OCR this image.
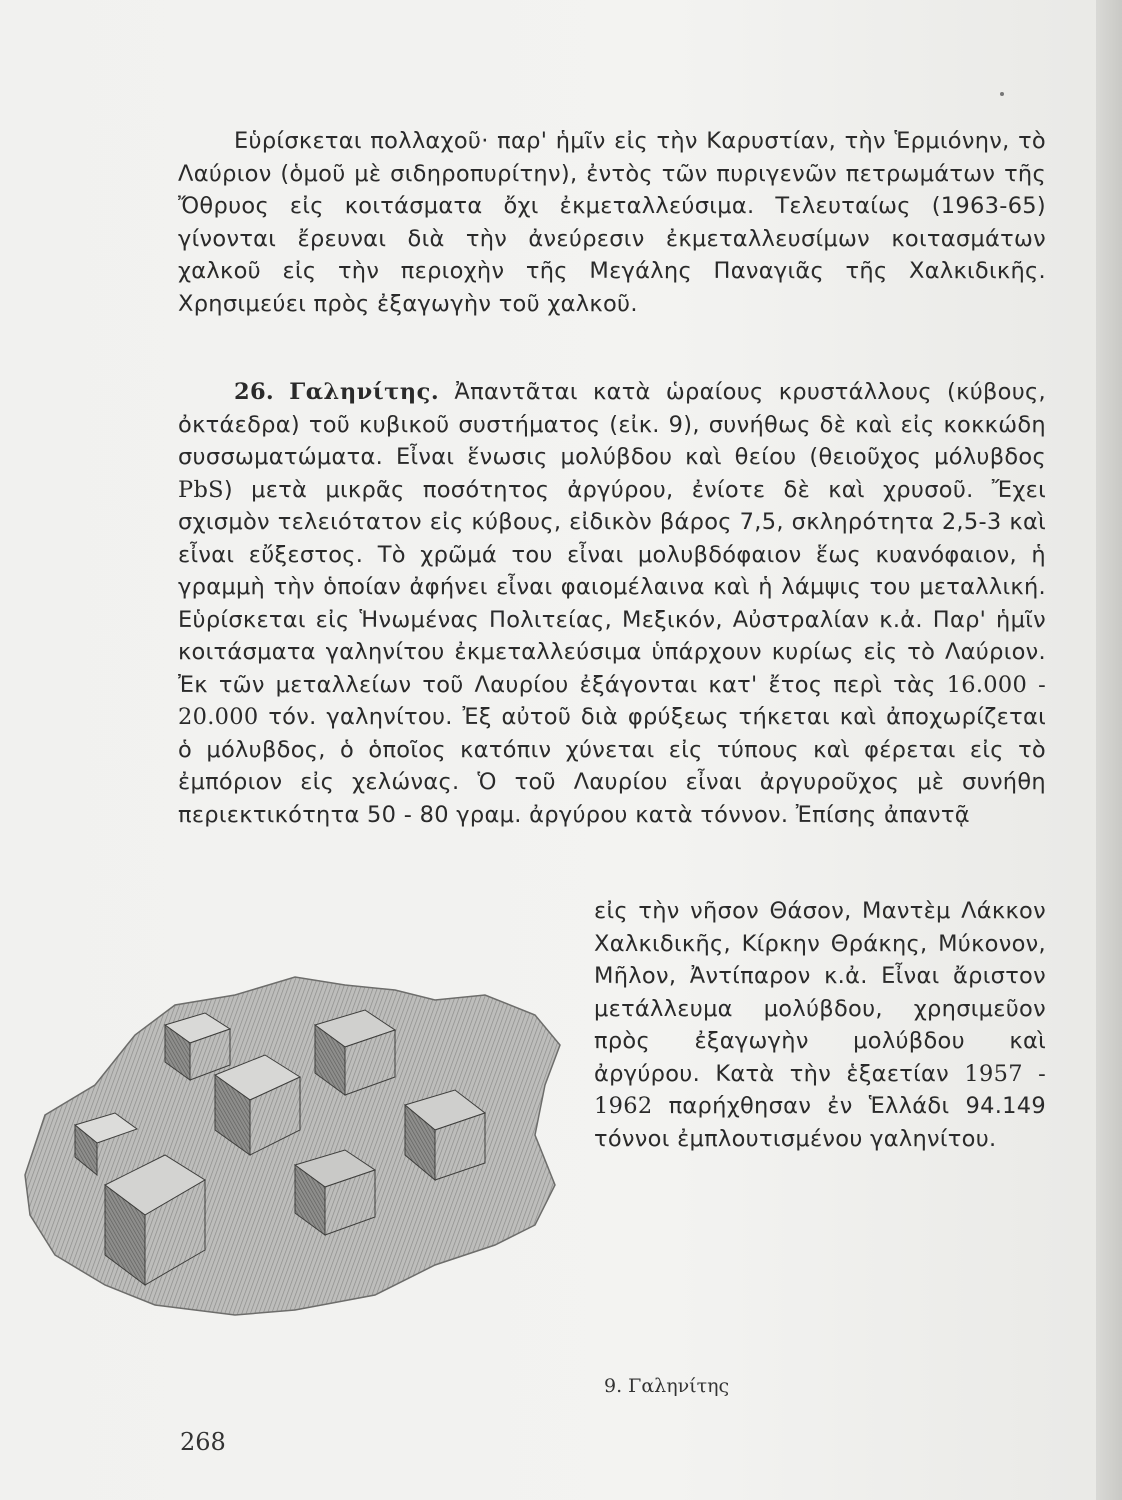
Εὑρίσκεται πολλαχοῦ· παρ' ἡμῖν εἰς τὴν Καρυστίαν, τὴν Ἑρμιόνην, τὸ Λαύριον (ὁμοῦ μὲ σιδηροπυρίτην), ἐντὸς τῶν πυριγενῶν πετρωμάτων τῆς Ὄθρυος εἰς κοιτάσματα ὄχι ἐκμεταλλεύσιμα. Τελευταίως (1963-65) γίνονται ἔρευναι διὰ τὴν ἀνεύρεσιν ἐκμεταλλευσίμων κοιτασμάτων χαλκοῦ εἰς τὴν περιοχὴν τῆς Μεγάλης Παναγιᾶς τῆς Χαλκιδικῆς. Χρησιμεύει πρὸς ἐξαγωγὴν τοῦ χαλκοῦ.
26. Γαληνίτης. Ἀπαντᾶται κατὰ ὡραίους κρυστάλλους (κύβους, ὀκτάεδρα) τοῦ κυβικοῦ συστήματος (εἰκ. 9), συνήθως δὲ καὶ εἰς κοκκώδη συσσωματώματα. Εἶναι ἕνωσις μολύβδου καὶ θείου (θειοῦχος μόλυβδος PbS) μετὰ μικρᾶς ποσότητος ἀργύρου, ἐνίοτε δὲ καὶ χρυσοῦ. Ἔχει σχισμὸν τελειότατον εἰς κύβους, εἰδικὸν βάρος 7,5, σκληρότητα 2,5-3 καὶ εἶναι εὔξεστος. Τὸ χρῶμά του εἶναι μολυβδόφαιον ἕως κυανόφαιον, ἡ γραμμὴ τὴν ὁποίαν ἀφήνει εἶναι φαιομέλαινα καὶ ἡ λάμψις του μεταλλική. Εὑρίσκεται εἰς Ἡνωμένας Πολιτείας, Μεξικόν, Αὐστραλίαν κ.ἀ. Παρ' ἡμῖν κοιτάσματα γαληνίτου ἐκμεταλλεύσιμα ὑπάρχουν κυρίως εἰς τὸ Λαύριον. Ἐκ τῶν μεταλλείων τοῦ Λαυρίου ἐξάγονται κατ' ἔτος περὶ τὰς 16.000 - 20.000 τόν. γαληνίτου. Ἐξ αὐτοῦ διὰ φρύξεως τήκεται καὶ ἀποχωρίζεται ὁ μόλυβδος, ὁ ὁποῖος κατόπιν χύνεται εἰς τύπους καὶ φέρεται εἰς τὸ ἐμπόριον εἰς χελώνας. Ὁ τοῦ Λαυρίου εἶναι ἀργυροῦχος μὲ συνήθη περιεκτικότητα 50 - 80 γραμ. ἀργύρου κατὰ τόννον. Ἐπίσης ἀπαντᾷ
εἰς τὴν νῆσον Θάσον, Μαντὲμ Λάκκον Χαλκιδικῆς, Κίρκην Θράκης, Μύκονον, Μῆλον, Ἀντίπαρον κ.ἀ. Εἶναι ἄριστον μετάλλευμα μολύβδου, χρησιμεῦον πρὸς ἐξαγωγὴν μολύβδου καὶ ἀργύρου. Κατὰ τὴν ἑξαετίαν 1957 - 1962 παρήχθησαν ἐν Ἑλλάδι 94.149 τόννοι ἐμπλουτισμένου γαληνίτου.
9. Γαληνίτης
268
